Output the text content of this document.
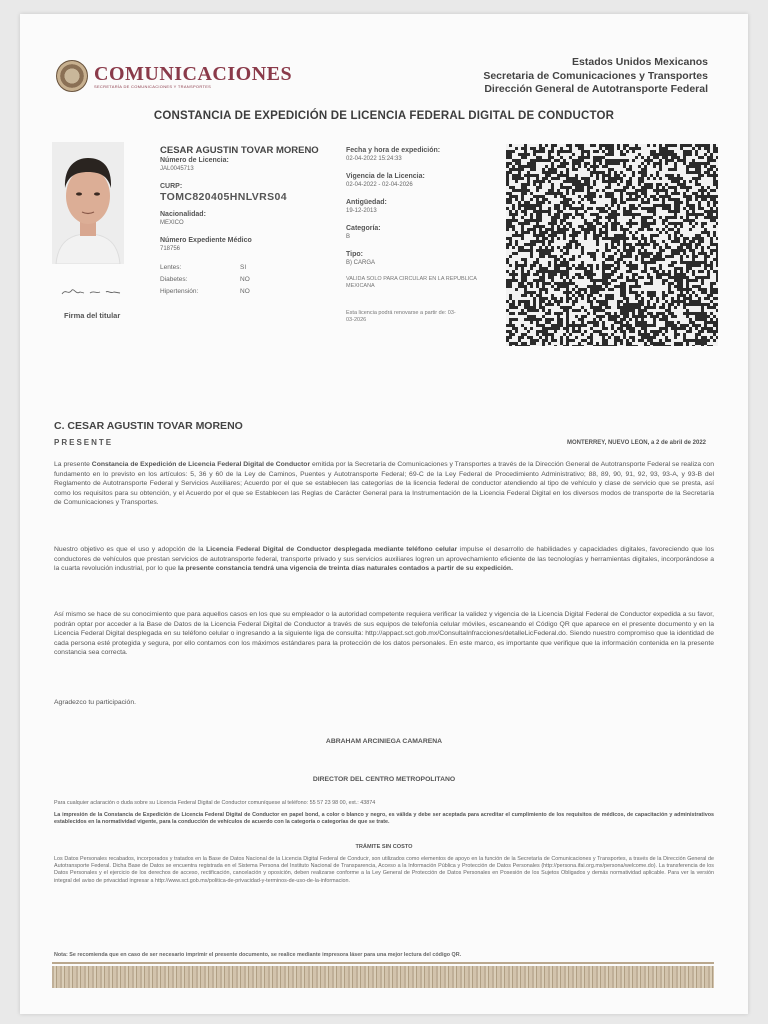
COMUNICACIONES
SECRETARÍA DE COMUNICACIONES Y TRANSPORTES
Estados Unidos Mexicanos
Secretaria de Comunicaciones y Transportes
Dirección General de Autotransporte Federal
CONSTANCIA DE EXPEDICIÓN DE LICENCIA FEDERAL DIGITAL DE CONDUCTOR
Firma del titular
CESAR AGUSTIN TOVAR MORENO
Número de Licencia:
JAL0045713
CURP:
TOMC820405HNLVRS04
Nacionalidad:
MEXICO
Número Expediente Médico
718756
Lentes:	SI
Diabetes:	NO
Hipertensión:	NO
Fecha y hora de expedición:
02-04-2022 15:24:33
Vigencia de la Licencia:
02-04-2022 - 02-04-2026
Antigüedad:
19-12-2013
Categoría:
B
Tipo:
B) CARGA
VALIDA SOLO PARA CIRCULAR EN LA REPUBLICA MEXICANA
Esta licencia podrá renovarse a partir de: 03-03-2026
C. CESAR AGUSTIN TOVAR MORENO
PRESENTE	MONTERREY, NUEVO LEON, a 2 de abril de 2022
La presente Constancia de Expedición de Licencia Federal Digital de Conductor emitida por la Secretaría de Comunicaciones y Transportes a través de la Dirección General de Autotransporte Federal se realiza con fundamento en lo previsto en los artículos: 5, 36 y 60 de la Ley de Caminos, Puentes y Autotransporte Federal; 69-C de la Ley Federal de Procedimiento Administrativo; 88, 89, 90, 91, 92, 93, 93-A, y 93-B del Reglamento de Autotransporte Federal y Servicios Auxiliares; Acuerdo por el que se establecen las categorías de la licencia federal de conductor atendiendo al tipo de vehículo y clase de servicio que se presta, así como los requisitos para su obtención, y el Acuerdo por el que se Establecen las Reglas de Carácter General para la Instrumentación de la Licencia Federal Digital en los diversos modos de transporte de la Secretaría de Comunicaciones y Transportes.
Nuestro objetivo es que el uso y adopción de la Licencia Federal Digital de Conductor desplegada mediante teléfono celular impulse el desarrollo de habilidades y capacidades digitales, favoreciendo que los conductores de vehículos que prestan servicios de autotransporte federal, transporte privado y sus servicios auxiliares logren un aprovechamiento eficiente de las tecnologías y herramientas digitales, incorporándose a la cuarta revolución industrial, por lo que la presente constancia tendrá una vigencia de treinta días naturales contados a partir de su expedición.
Así mismo se hace de su conocimiento que para aquellos casos en los que su empleador o la autoridad competente requiera verificar la validez y vigencia de la Licencia Digital Federal de Conductor expedida a su favor, podrán optar por acceder a la Base de Datos de la Licencia Federal Digital de Conductor a través de sus equipos de telefonía celular móviles, escaneando el Código QR que aparece en el presente documento y en la Licencia Federal Digital desplegada en su teléfono celular o ingresando a la siguiente liga de consulta: http://appact.sct.gob.mx/ConsultaInfracciones/detalleLicFederal.do. Siendo nuestro compromiso que la identidad de cada persona esté protegida y segura, por ello contamos con los máximos estándares para la protección de los datos personales. En este marco, es importante que verifique que la información contenida en la presente constancia sea correcta.
Agradezco tu participación.
ABRAHAM ARCINIEGA CAMARENA
DIRECTOR DEL CENTRO METROPOLITANO
Para cualquier aclaración o duda sobre su Licencia Federal Digital de Conductor comuníquese al teléfono: 55 57 23 98 00, ext.: 43874
La impresión de la Constancia de Expedición de Licencia Federal Digital de Conductor en papel bond, a color o blanco y negro, es válida y debe ser aceptada para acreditar el cumplimiento de los requisitos de médicos, de capacitación y administrativos establecidos en la normatividad vigente, para la conducción de vehículos de acuerdo con la categoría o categorías de que se trate.
TRÁMITE SIN COSTO
Los Datos Personales recabados, incorporados y tratados en la Base de Datos Nacional de la Licencia Digital Federal de Conducir, son utilizados como elementos de apoyo en la función de la Secretaría de Comunicaciones y Transportes, a través de la Dirección General de Autotransporte Federal. Dicha Base de Datos se encuentra registrada en el Sistema Persona del Instituto Nacional de Transparencia, Acceso a la Información Pública y Protección de Datos Personales (http://persona.ifai.org.mx/persona/welcome.do). La transferencia de los Datos Personales y el ejercicio de los derechos de acceso, rectificación, cancelación y oposición, deben realizarse conforme a la Ley General de Protección de Datos Personales en Posesión de los Sujetos Obligados y demás normatividad aplicable. Para ver la versión integral del aviso de privacidad ingresar a http://www.sct.gob.mx/politica-de-privacidad-y-terminos-de-uso-de-la-informacion.
Nota: Se recomienda que en caso de ser necesario imprimir el presente documento, se realice mediante impresora láser para una mejor lectura del código QR.
